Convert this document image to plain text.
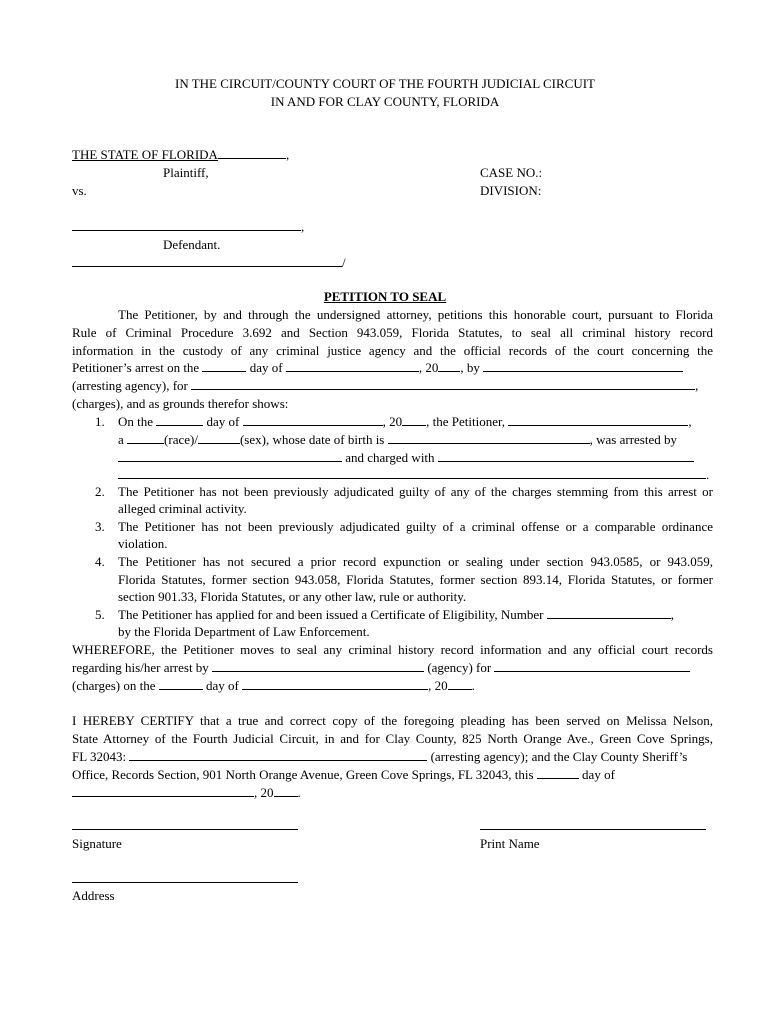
IN THE CIRCUIT/COUNTY COURT OF THE FOURTH JUDICIAL CIRCUIT
IN AND FOR CLAY COUNTY, FLORIDA
THE STATE OF FLORIDA	,
Plaintiff,	CASE NO.:
vs.	DIVISION:
,
Defendant.
/
PETITION TO SEAL
The Petitioner, by and through the undersigned attorney, petitions this honorable court, pursuant to Florida
Rule of Criminal Procedure 3.692 and Section 943.059, Florida Statutes, to seal all criminal history record
information in the custody of any criminal justice agency and the official records of the court concerning the
Petitioner’s arrest on the	day of	, 20 , by
(arresting agency), for	,
(charges), and as grounds therefor shows:
1. On the	day of	, 20 , the Petitioner,	,
a	(race)/	(sex), whose date of birth is	, was arrested by
and charged with
.
2. The Petitioner has not been previously adjudicated guilty of any of the charges stemming from this arrest or
alleged criminal activity.
3. The Petitioner has not been previously adjudicated guilty of a criminal offense or a comparable ordinance
violation.
4. The Petitioner has not secured a prior record expunction or sealing under section 943.0585, or 943.059,
Florida Statutes, former section 943.058, Florida Statutes, former section 893.14, Florida Statutes, or former
section 901.33, Florida Statutes, or any other law, rule or authority.
5. The Petitioner has applied for and been issued a Certificate of Eligibility, Number	,
by the Florida Department of Law Enforcement.
WHEREFORE, the Petitioner moves to seal any criminal history record information and any official court records
regarding his/her arrest by	(agency) for
(charges) on the	day of	, 20 .
I HEREBY CERTIFY that a true and correct copy of the foregoing pleading has been served on Melissa Nelson,
State Attorney of the Fourth Judicial Circuit, in and for Clay County, 825 North Orange Ave., Green Cove Springs,
FL 32043:	(arresting agency); and the Clay County Sheriff’s
Office, Records Section, 901 North Orange Avenue, Green Cove Springs, FL 32043, this	day of
, 20 .
Signature	Print Name
Address
